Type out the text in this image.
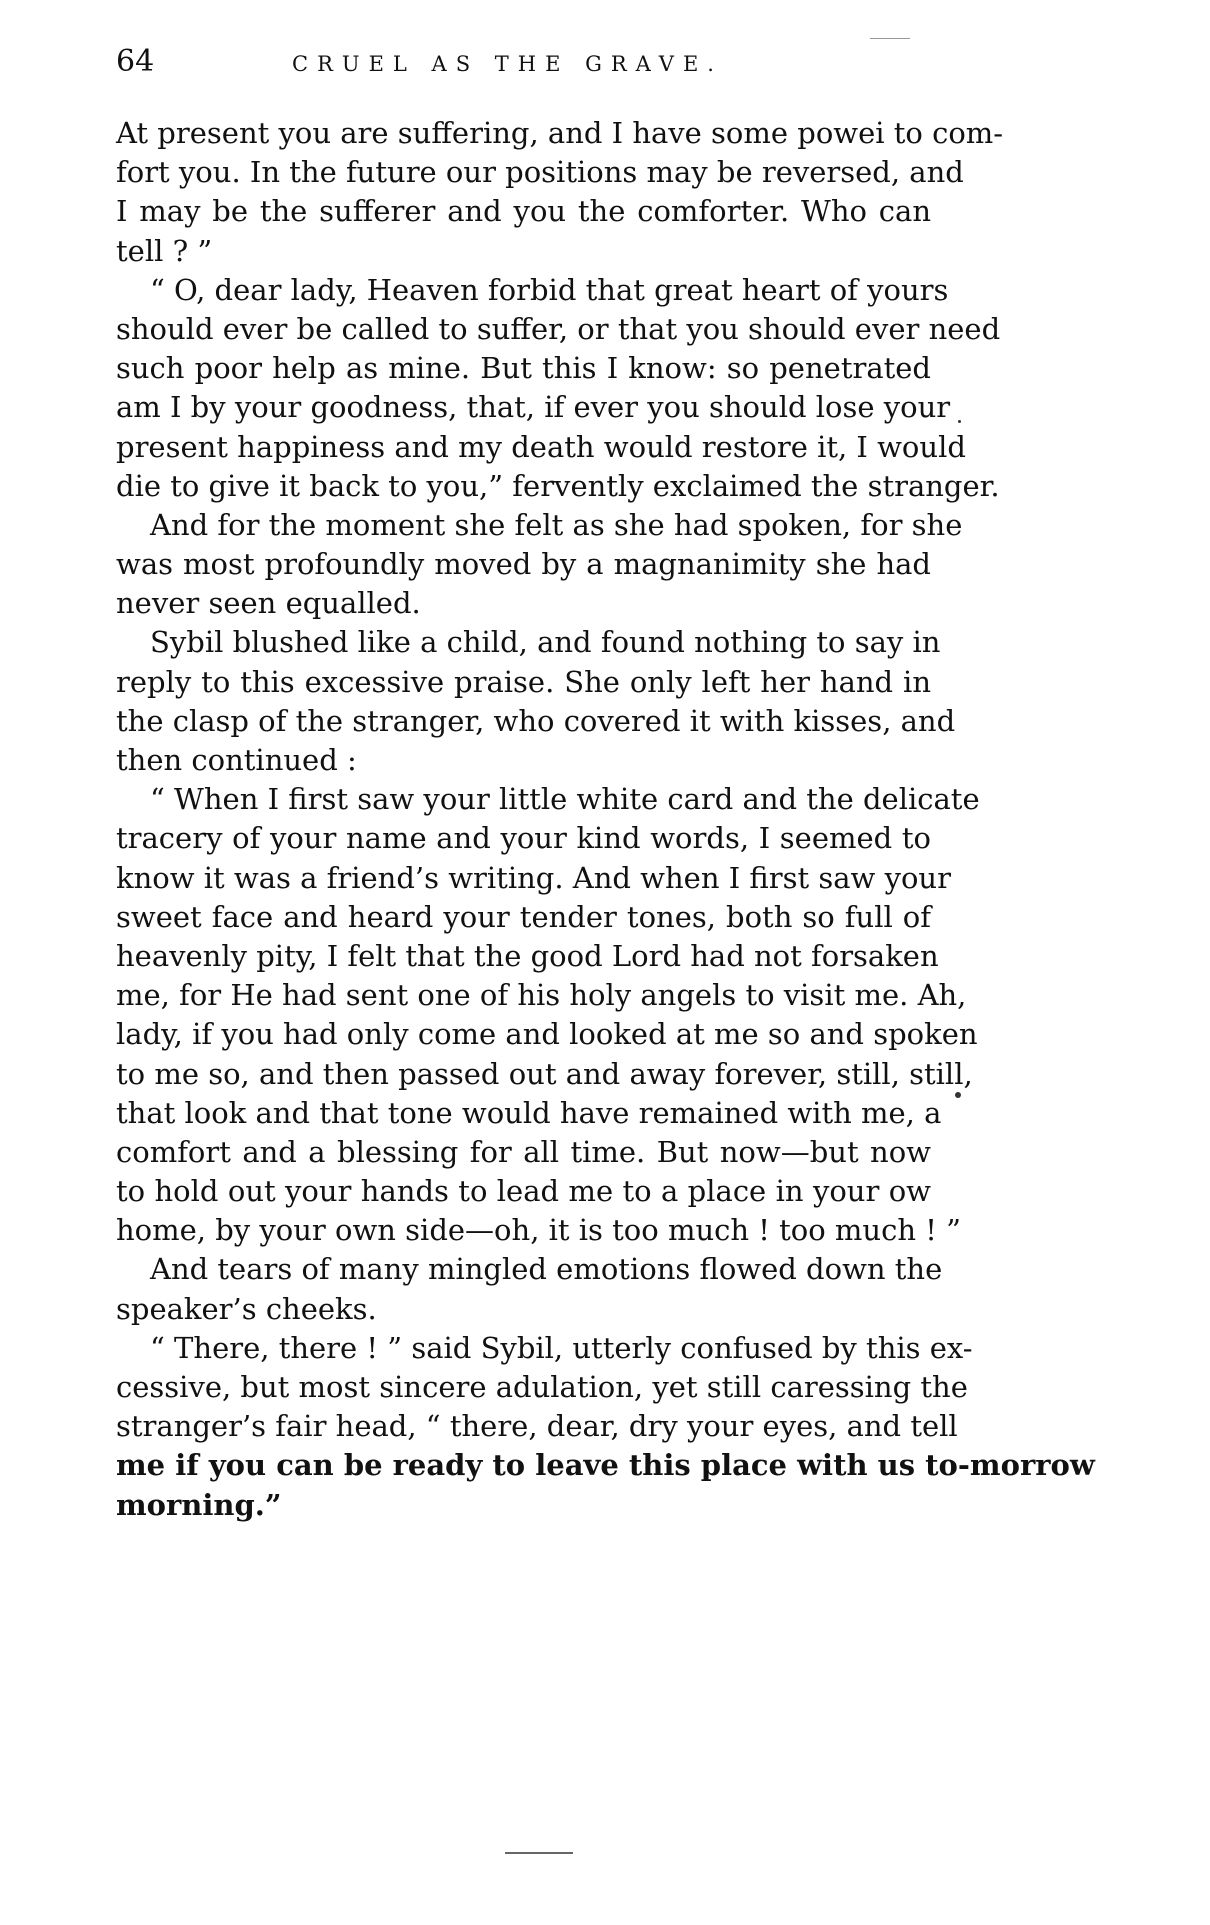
64	CRUEL AS THE GRAVE.
At present you are suffering, and I have some powei to com-
fort you. In the future our positions may be reversed, and
I may be the sufferer and you the comforter. Who can
tell ? ”
“ O, dear lady, Heaven forbid that great heart of yours
should ever be called to suffer, or that you should ever need
such poor help as mine. But this I know: so penetrated
am I by your goodness, that, if ever you should lose your
present happiness and my death would restore it, I would
die to give it back to you,” fervently exclaimed the stranger.
And for the moment she felt as she had spoken, for she
was most profoundly moved by a magnanimity she had
never seen equalled.
Sybil blushed like a child, and found nothing to say in
reply to this excessive praise. She only left her hand in
the clasp of the stranger, who covered it with kisses, and
then continued :
“ When I first saw your little white card and the delicate
tracery of your name and your kind words, I seemed to
know it was a friend’s writing. And when I first saw your
sweet face and heard your tender tones, both so full of
heavenly pity, I felt that the good Lord had not forsaken
me, for He had sent one of his holy angels to visit me. Ah,
lady, if you had only come and looked at me so and spoken
to me so, and then passed out and away forever, still, still,
that look and that tone would have remained with me, a
comfort and a blessing for all time. But now—but now
to hold out your hands to lead me to a place in your ow
home, by your own side—oh, it is too much ! too much ! ”
And tears of many mingled emotions flowed down the
speaker’s cheeks.
“ There, there ! ” said Sybil, utterly confused by this ex-
cessive, but most sincere adulation, yet still caressing the
stranger’s fair head, “ there, dear, dry your eyes, and tell
me if you can be ready to leave this place with us to-morrow
morning.”
